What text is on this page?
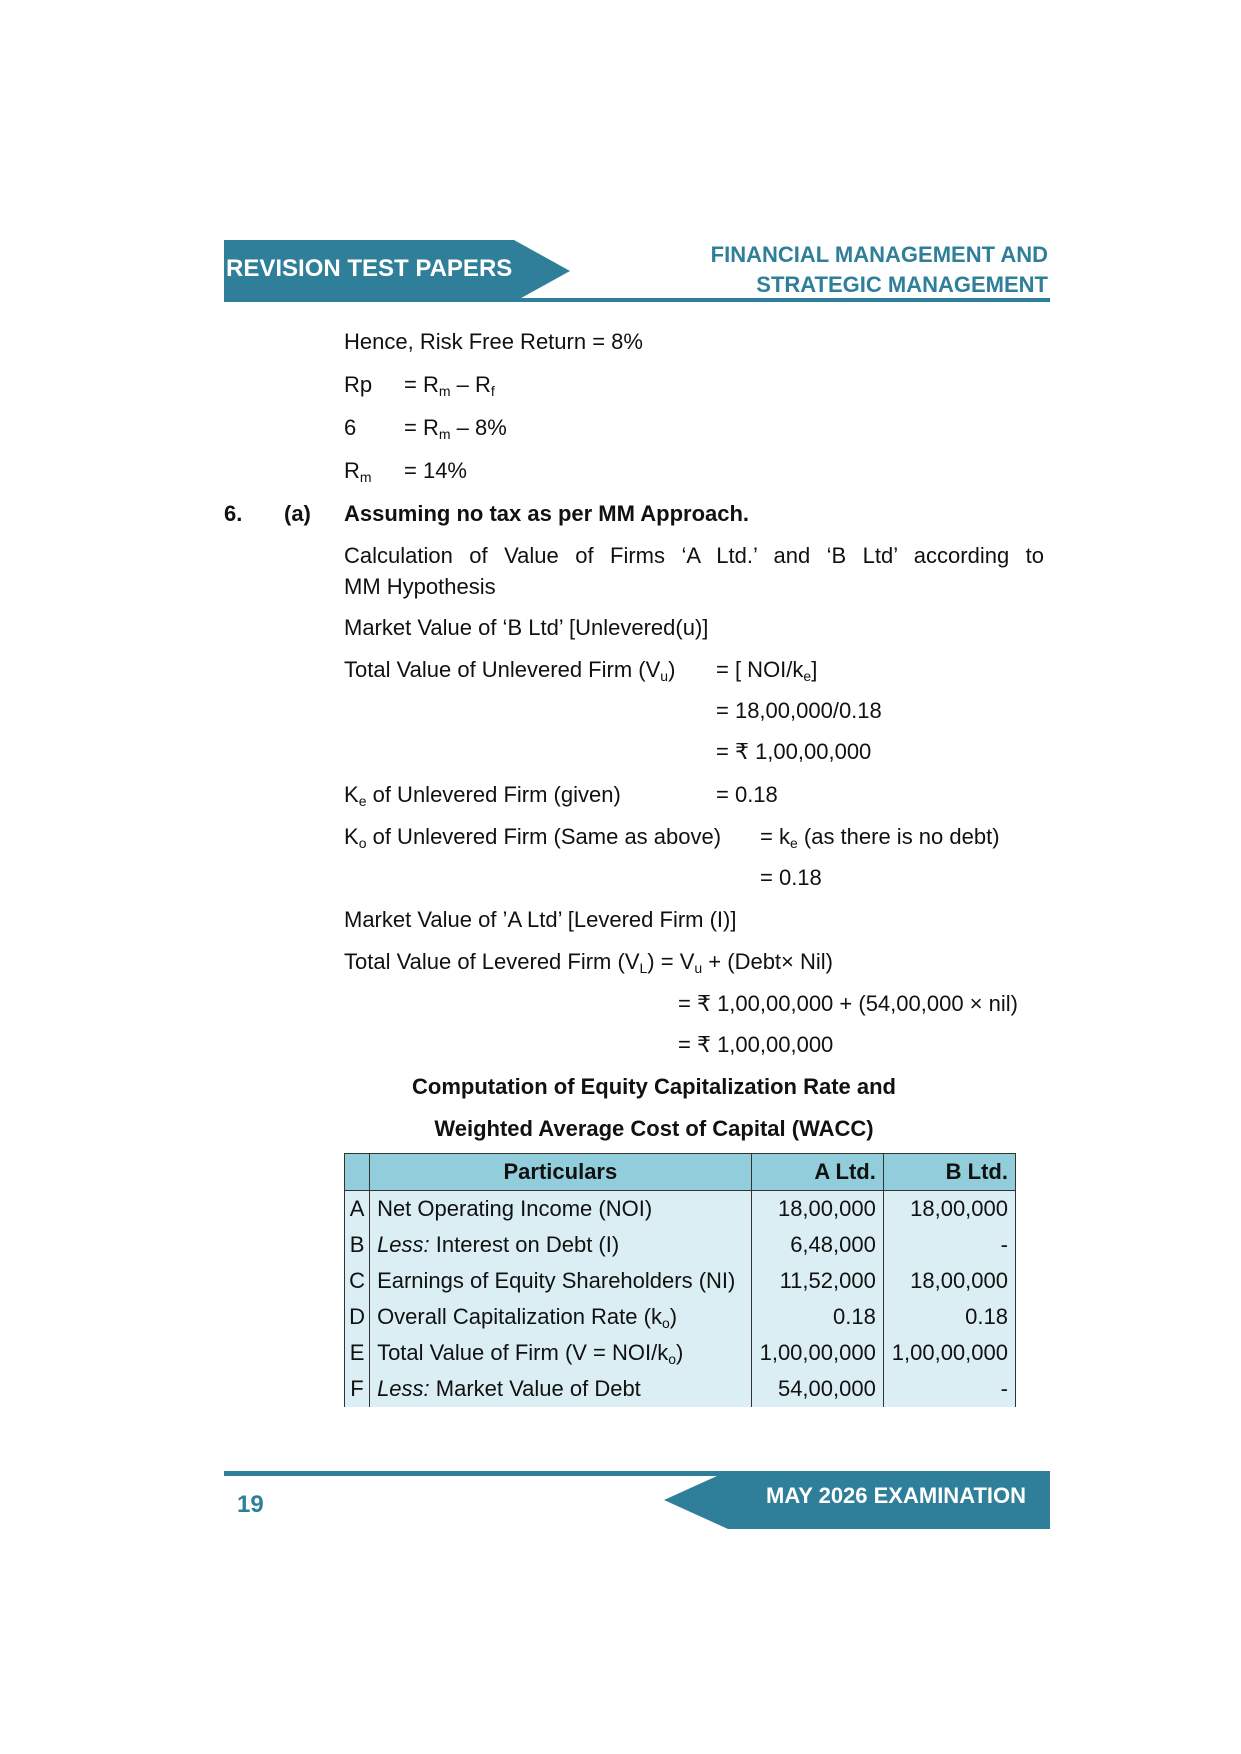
REVISION TEST PAPERS
FINANCIAL MANAGEMENT AND
STRATEGIC MANAGEMENT
Hence, Risk Free Return = 8%
$Rp = R_m - R_f$
$6 = R_m - 8\%$
$R_m = 14\%$
6. (a) Assuming no tax as per MM Approach.
Calculation of Value of Firms ‘A Ltd.’ and ‘B Ltd’ according to
MM Hypothesis
Market Value of ‘B Ltd’ [Unlevered(u)]
Total Value of Unlevered Firm $(V_u)$ = [ NOI/$k_e$]
= 18,00,000/0.18
= ₹ 1,00,00,000
$K_e$ of Unlevered Firm (given)	= 0.18
$K_o$ of Unlevered Firm (Same as above) = $k_e$ (as there is no debt)
= 0.18
Market Value of ’A Ltd’ [Levered Firm (I)]
Total Value of Levered Firm $(V_L) = V_u$ + (Debt× Nil)
= ₹ 1,00,00,000 + (54,00,000 × nil)
= ₹ 1,00,00,000
Computation of Equity Capitalization Rate and
Weighted Average Cost of Capital (WACC)
	Particulars	A Ltd.	B Ltd.
A	Net Operating Income (NOI)	18,00,000	18,00,000
B	Less: Interest on Debt (I)	6,48,000	-
C	Earnings of Equity Shareholders (NI)	11,52,000	18,00,000
D	Overall Capitalization Rate $(k_o)$	0.18	0.18
E	Total Value of Firm (V = NOI/$k_o$)	1,00,00,000	1,00,00,000
F	Less: Market Value of Debt	54,00,000	-
MAY 2026 EXAMINATION
19
